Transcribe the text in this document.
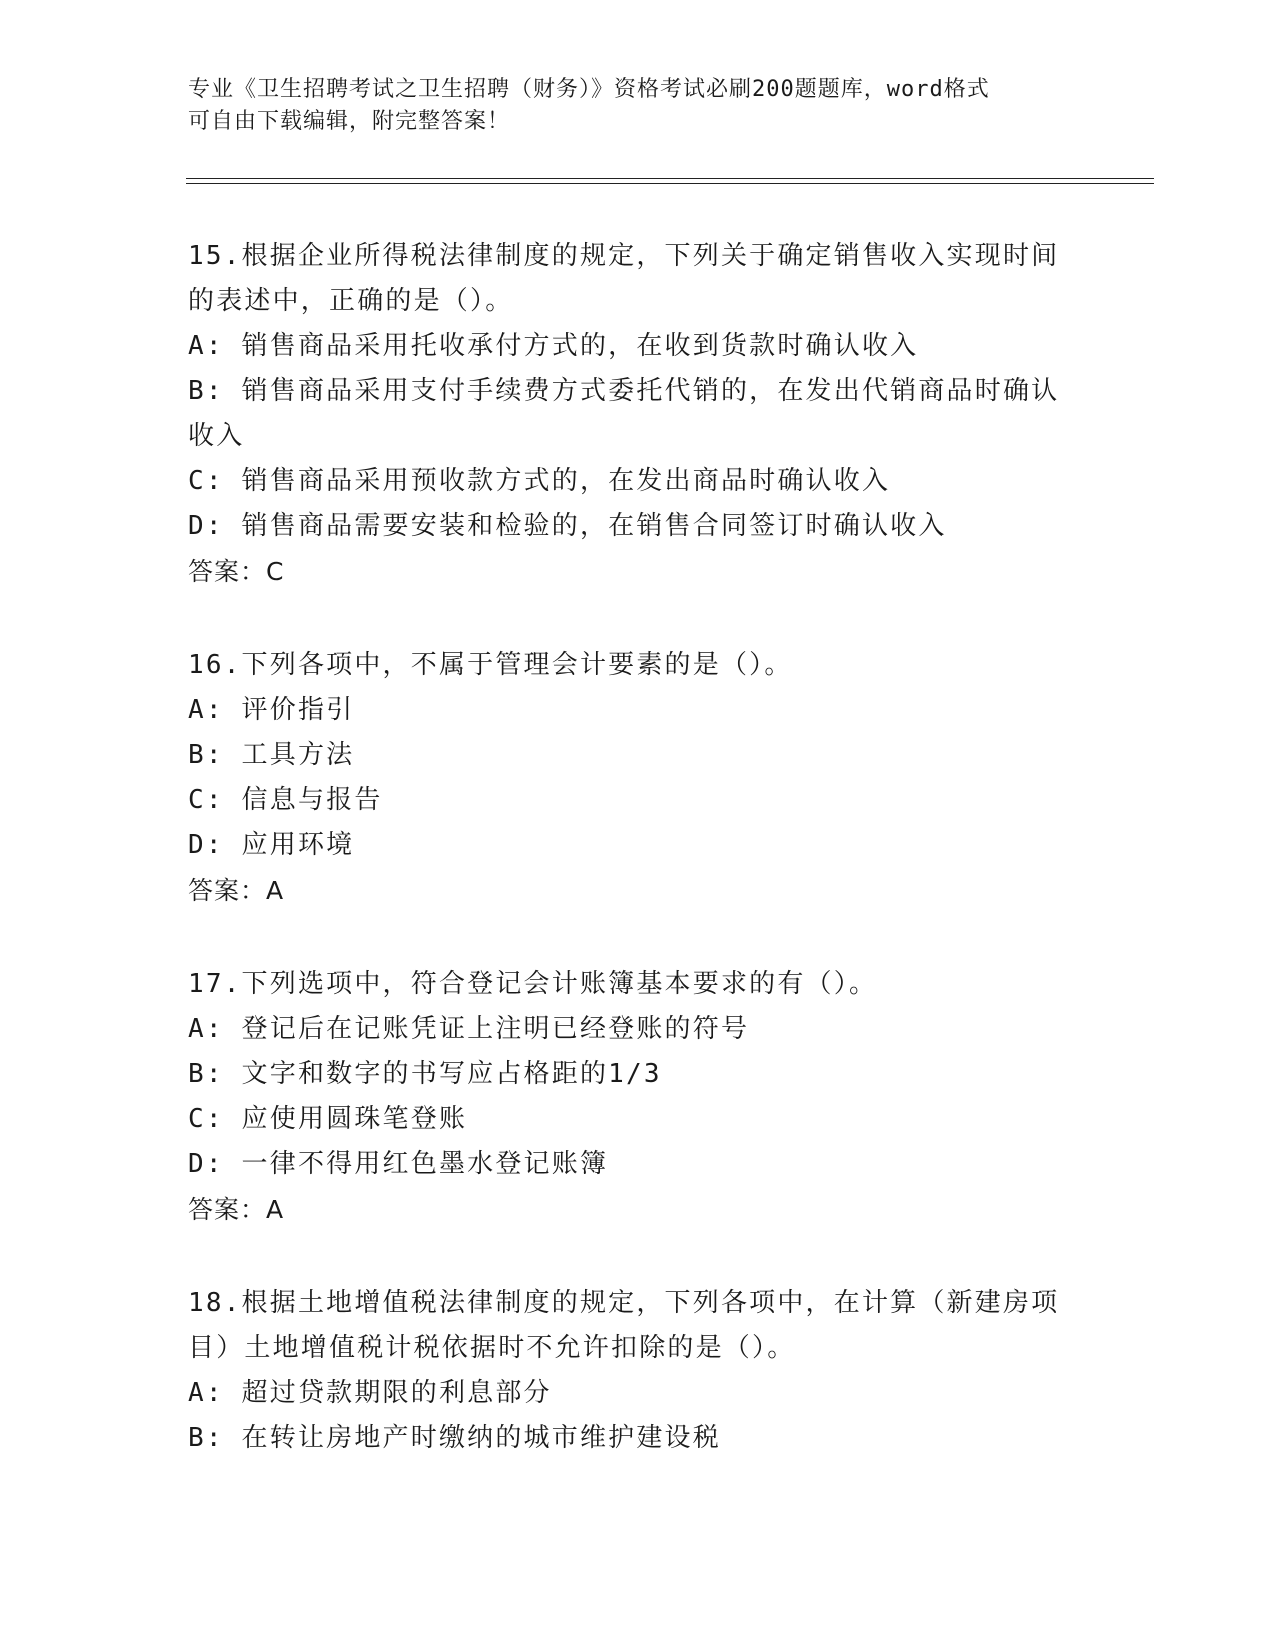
专业《卫生招聘考试之卫生招聘（财务）》资格考试必刷200题题库，word格式
可自由下载编辑，附完整答案！
15.根据企业所得税法律制度的规定，下列关于确定销售收入实现时间
的表述中，正确的是（）。
A: 销售商品采用托收承付方式的，在收到货款时确认收入
B: 销售商品采用支付手续费方式委托代销的，在发出代销商品时确认
收入
C: 销售商品采用预收款方式的，在发出商品时确认收入
D: 销售商品需要安装和检验的，在销售合同签订时确认收入
答案：C
16.下列各项中，不属于管理会计要素的是（）。
A: 评价指引
B: 工具方法
C: 信息与报告
D: 应用环境
答案：A
17.下列选项中，符合登记会计账簿基本要求的有（）。
A: 登记后在记账凭证上注明已经登账的符号
B: 文字和数字的书写应占格距的1/3
C: 应使用圆珠笔登账
D: 一律不得用红色墨水登记账簿
答案：A
18.根据土地增值税法律制度的规定，下列各项中，在计算（新建房项
目）土地增值税计税依据时不允许扣除的是（）。
A: 超过贷款期限的利息部分
B: 在转让房地产时缴纳的城市维护建设税
